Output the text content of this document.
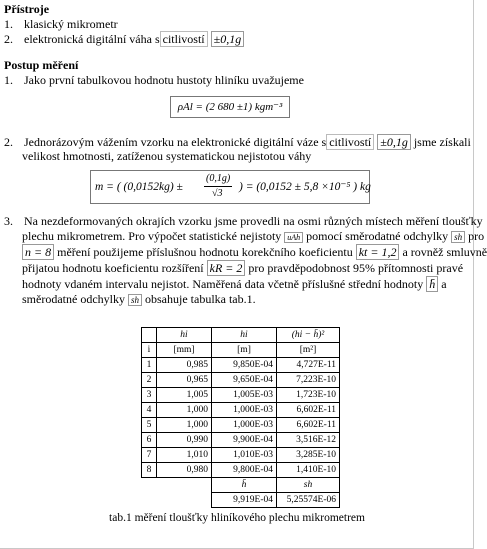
Přístroje
1. klasický mikrometr
2. elektronická digitální váha s citlivostí ±0,1g
Postup měření
1. Jako první tabulkovou hodnotu hustoty hliníku uvažujeme
ρAl = (2 680 ±1) kgm⁻³
2. Jednorázovým vážením vzorku na elektronické digitální váze s citlivostí ±0,1g jsme získali
velikost hmotnosti, zatíženou systematickou nejistotou váhy
m = ( (0,0152kg) ±
(0,1g)
√3
) = (0,0152 ± 5,8 ×10⁻⁵ ) kg
3. Na nezdeformovaných okrajích vzorku jsme provedli na osmi různých místech měření tloušťky
plechu mikrometrem. Pro výpočet statistické nejistoty uAh pomocí směrodatné odchylky sh pro
n = 8 měření použijeme příslušnou hodnotu korekčního koeficientu kt = 1,2 a rovněž smluvně
přijatou hodnotu koeficientu rozšíření kR = 2 pro pravděpodobnost 95% přítomnosti pravé
hodnoty vdaném intervalu nejistot. Naměřená data včetně příslušné střední hodnoty h̄ a
směrodatné odchylky sh obsahuje tabulka tab.1.
	hi	hi	(hi − h̄)²
i	[mm]	[m]	[m²]
1	0,985	9,850E-04	4,727E-11
2	0,965	9,650E-04	7,223E-10
3	1,005	1,005E-03	1,723E-10
4	1,000	1,000E-03	6,602E-11
5	1,000	1,000E-03	6,602E-11
6	0,990	9,900E-04	3,516E-12
7	1,010	1,010E-03	3,285E-10
8	0,980	9,800E-04	1,410E-10
		h̄	sh
		9,919E-04	5,25574E-06
tab.1 měření tloušťky hliníkového plechu mikrometrem
